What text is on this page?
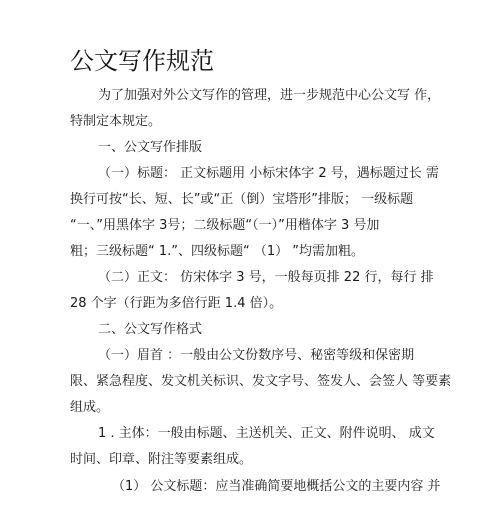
公文写作规范
为了加强对外公文写作的管理，进一步规范中心公文写 作，
特制定本规定。
一、公文写作排版
（一）标题： 正文标题用 小标宋体字 2 号，遇标题过长 需
换行可按“长、短、长”或“正（倒）宝塔形”排版； 一级标题
“一、”用黑体字 3号；二级标题“（一）”用楷体字 3 号加
粗；三级标题“ 1.”、四级标题“ （1） ”均需加粗。
（二）正文： 仿宋体字 3 号，一般每页排 22 行，每行 排
28 个字（行距为多倍行距 1.4 倍）。
二、公文写作格式
（一）眉首 ：一般由公文份数序号、秘密等级和保密期
限、紧急程度、发文机关标识、发文字号、签发人、会签人 等要素
组成。
1 . 主体：一般由标题、主送机关、正文、附件说明、 成文
时间、印章、附注等要素组成。
（1） 公文标题：应当准确简要地概括公文的主要内容 并
